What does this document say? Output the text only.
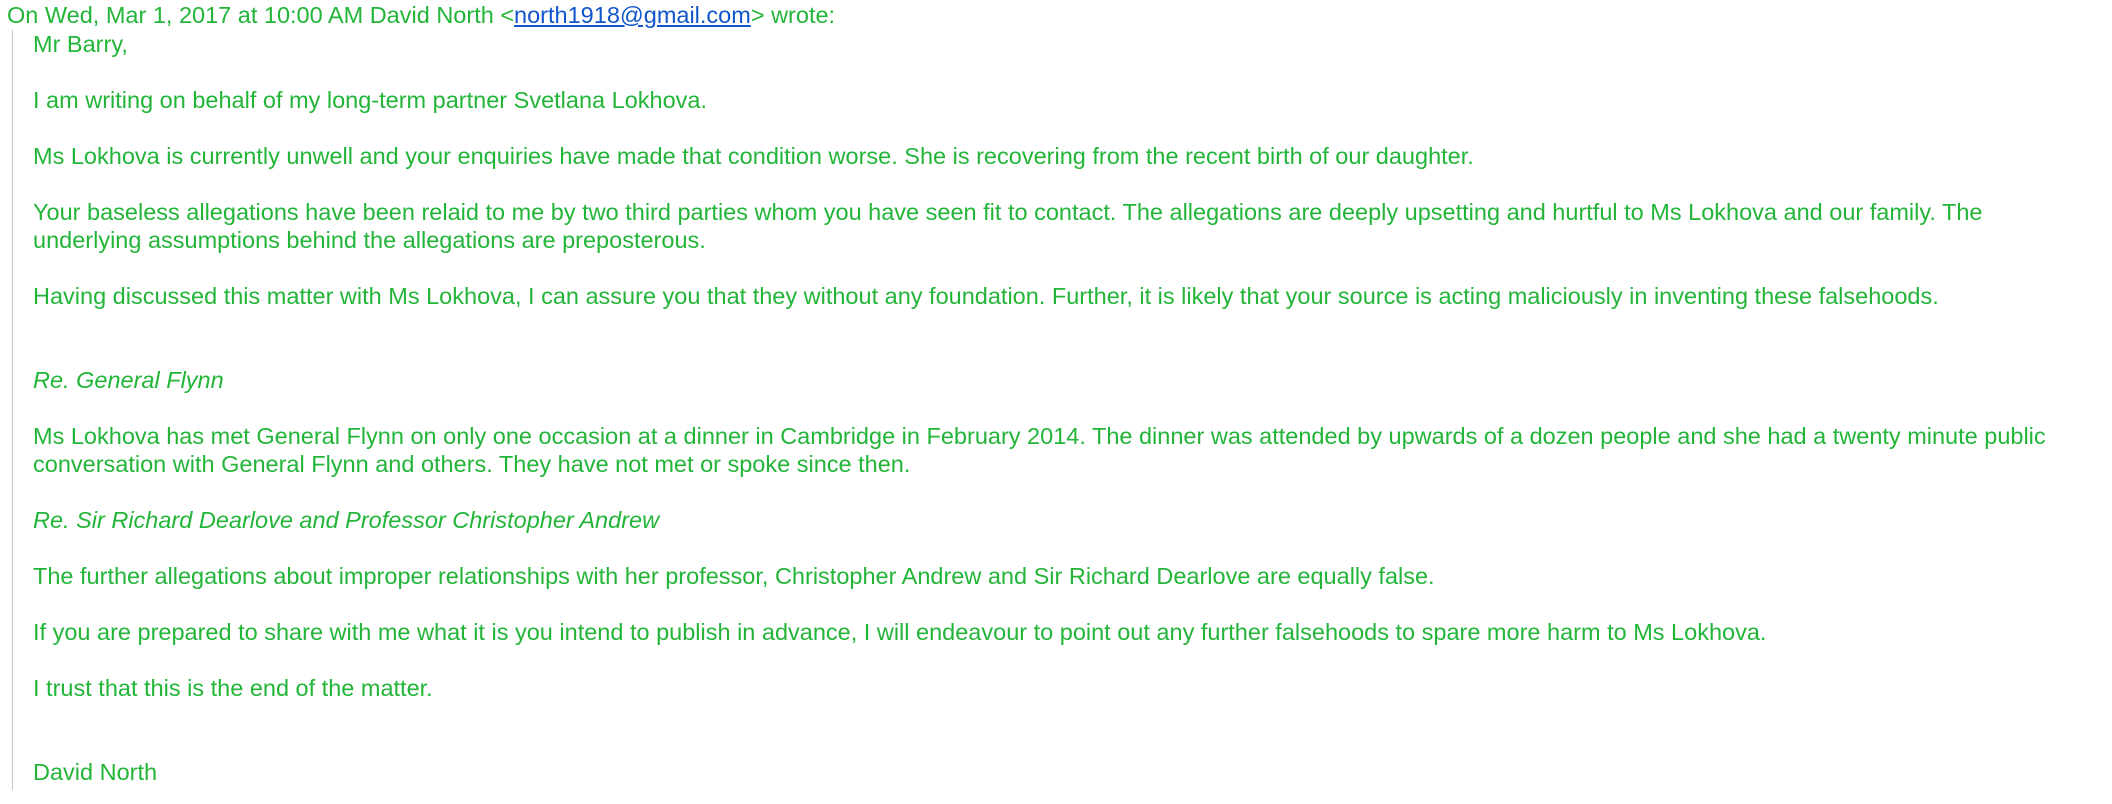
On Wed, Mar 1, 2017 at 10:00 AM David North <north1918@gmail.com> wrote:

Mr Barry,

I am writing on behalf of my long-term partner Svetlana Lokhova.

Ms Lokhova is currently unwell and your enquiries have made that condition worse. She is recovering from the recent birth of our daughter.

Your baseless allegations have been relaid to me by two third parties whom you have seen fit to contact. The allegations are deeply upsetting and hurtful to Ms Lokhova and our family. The

underlying assumptions behind the allegations are preposterous.

Having discussed this matter with Ms Lokhova, I can assure you that they without any foundation. Further, it is likely that your source is acting maliciously in inventing these falsehoods.

Re. General Flynn

Ms Lokhova has met General Flynn on only one occasion at a dinner in Cambridge in February 2014. The dinner was attended by upwards of a dozen people and she had a twenty minute public

conversation with General Flynn and others. They have not met or spoke since then.

Re. Sir Richard Dearlove and Professor Christopher Andrew

The further allegations about improper relationships with her professor, Christopher Andrew and Sir Richard Dearlove are equally false.

If you are prepared to share with me what it is you intend to publish in advance, I will endeavour to point out any further falsehoods to spare more harm to Ms Lokhova.

I trust that this is the end of the matter.

David North
